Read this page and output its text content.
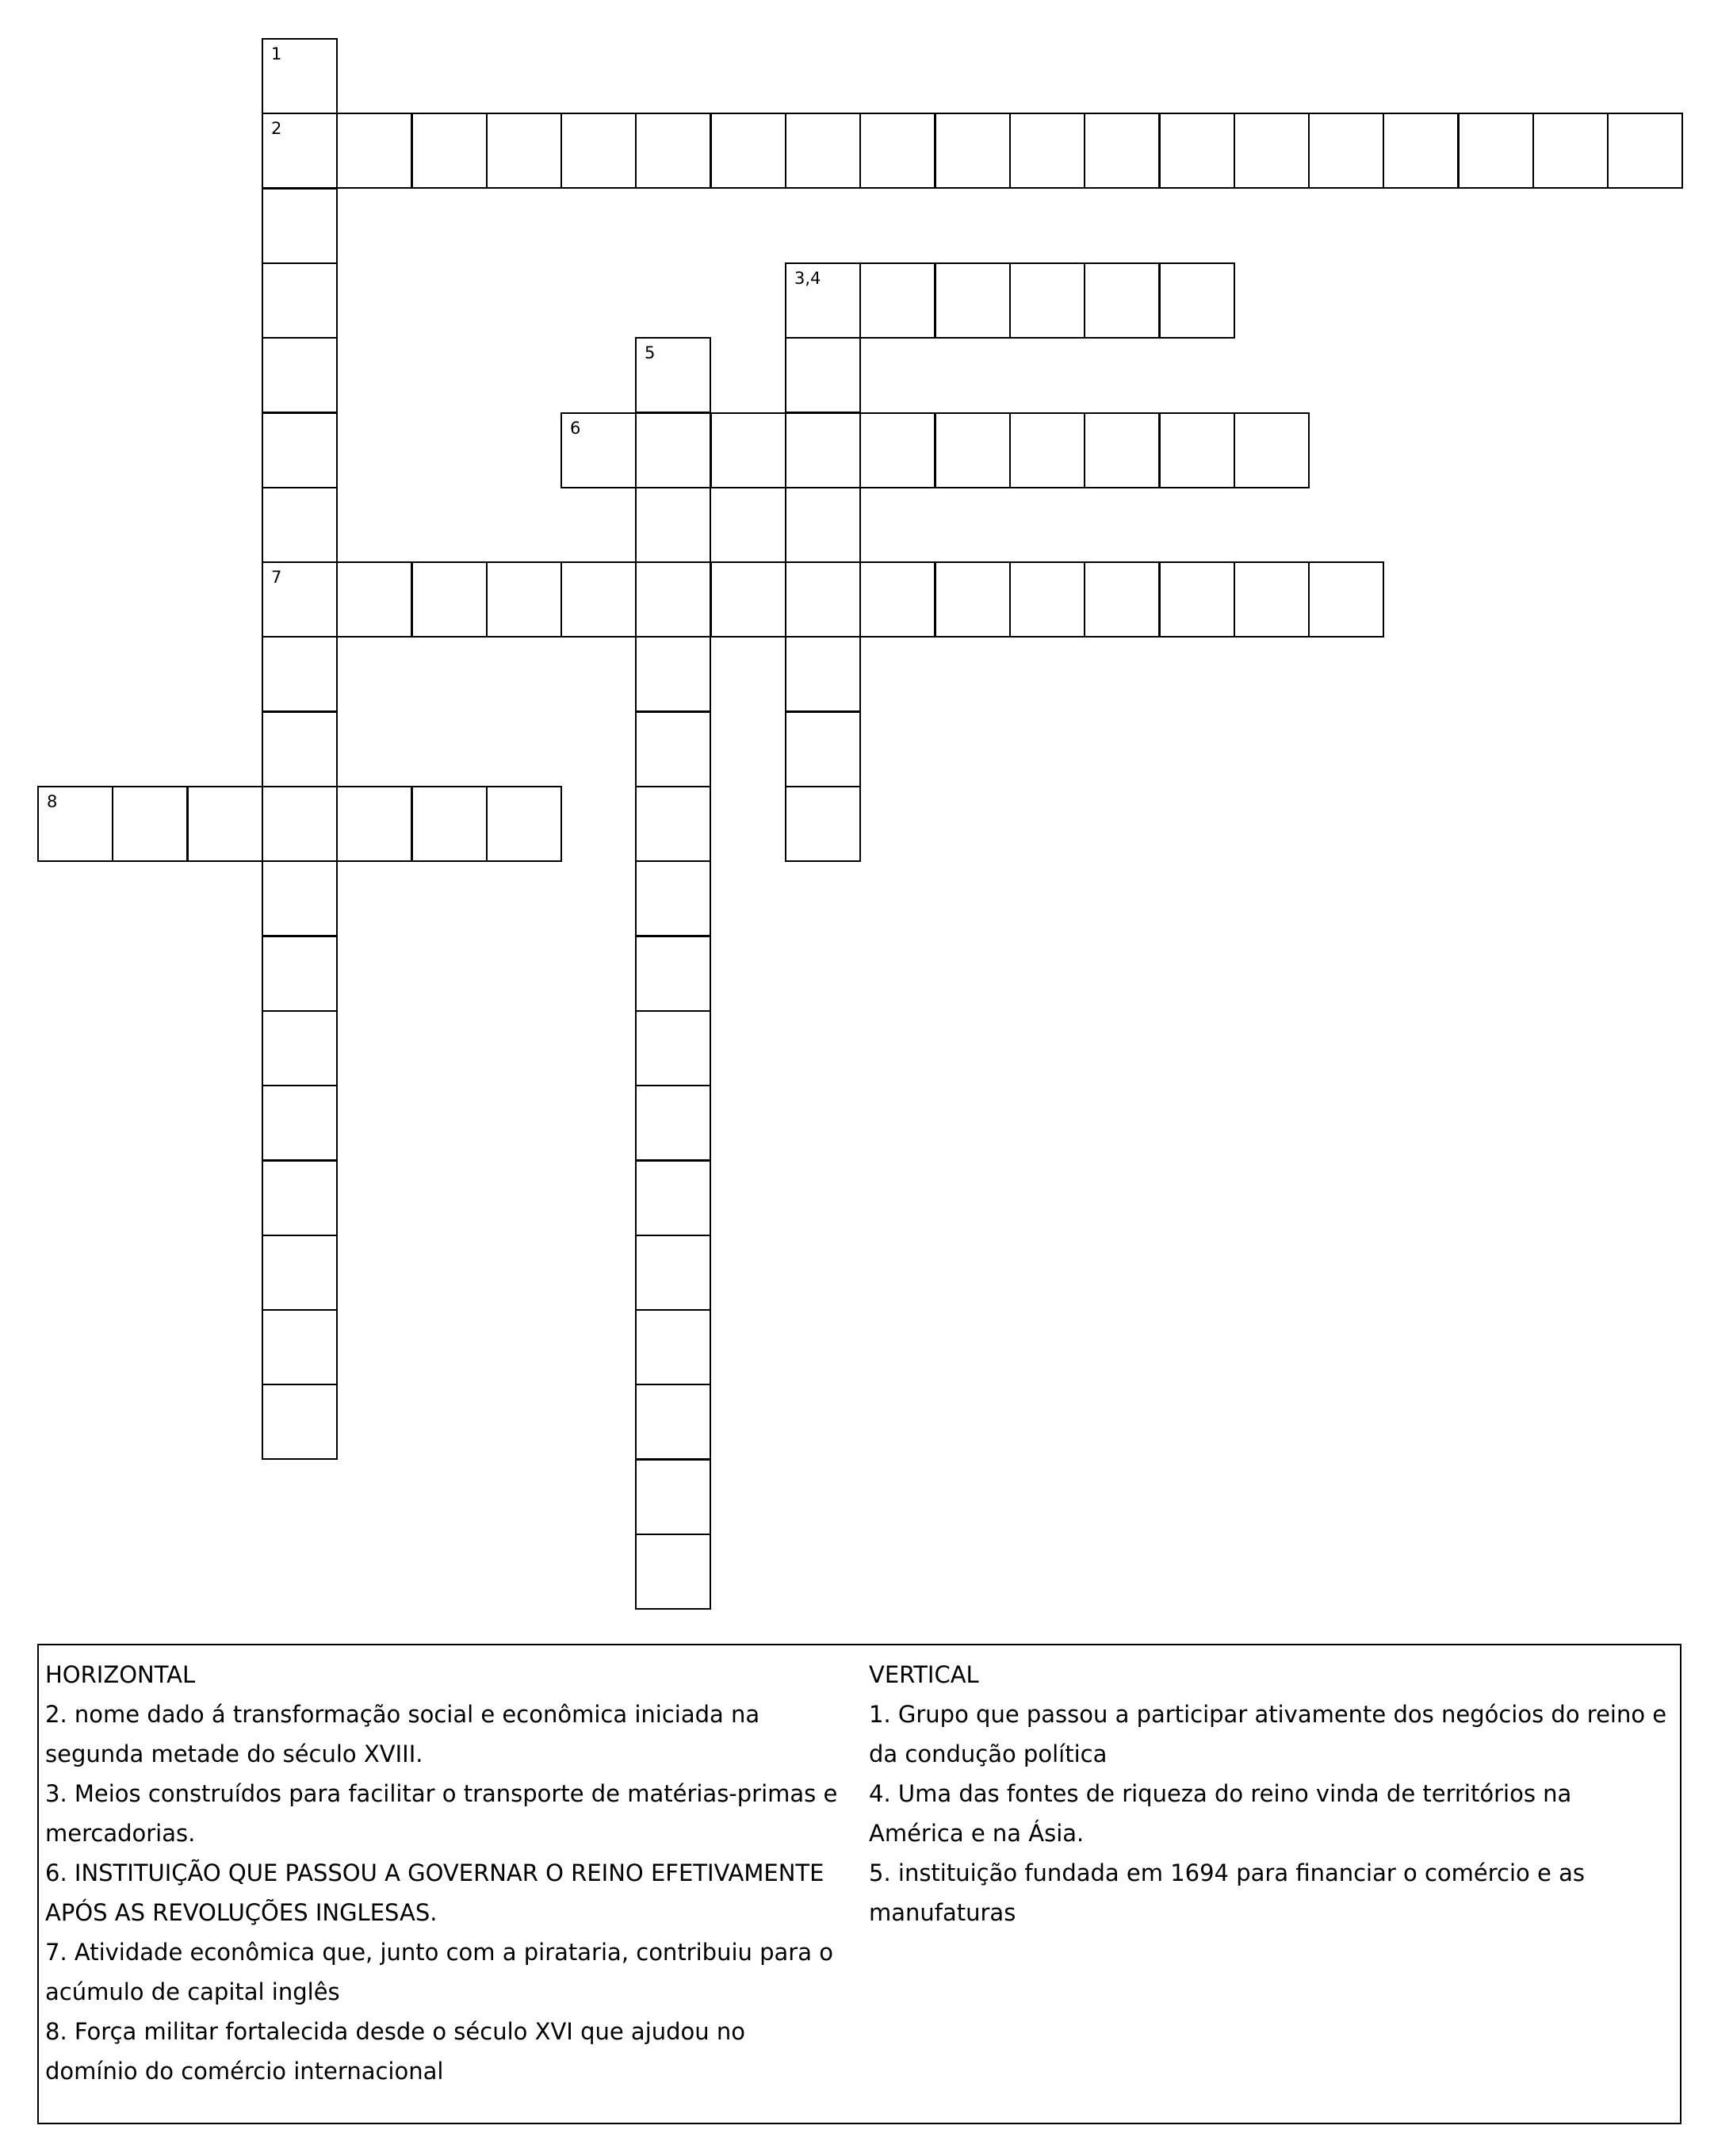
1
2
3,4
5
6
7
8
HORIZONTAL
2. nome dado á transformação social e econômica iniciada na segunda metade do século XVIII.
3. Meios construídos para facilitar o transporte de matérias-primas e mercadorias.
6. INSTITUIÇÃO QUE PASSOU A GOVERNAR O REINO EFETIVAMENTE APÓS AS REVOLUÇÕES INGLESAS.
7. Atividade econômica que, junto com a pirataria, contribuiu para o acúmulo de capital inglês
8. Força militar fortalecida desde o século XVI que ajudou no domínio do comércio internacional
VERTICAL
1. Grupo que passou a participar ativamente dos negócios do reino e da condução política
4. Uma das fontes de riqueza do reino vinda de territórios na América e na Ásia.
5. instituição fundada em 1694 para financiar o comércio e as manufaturas
